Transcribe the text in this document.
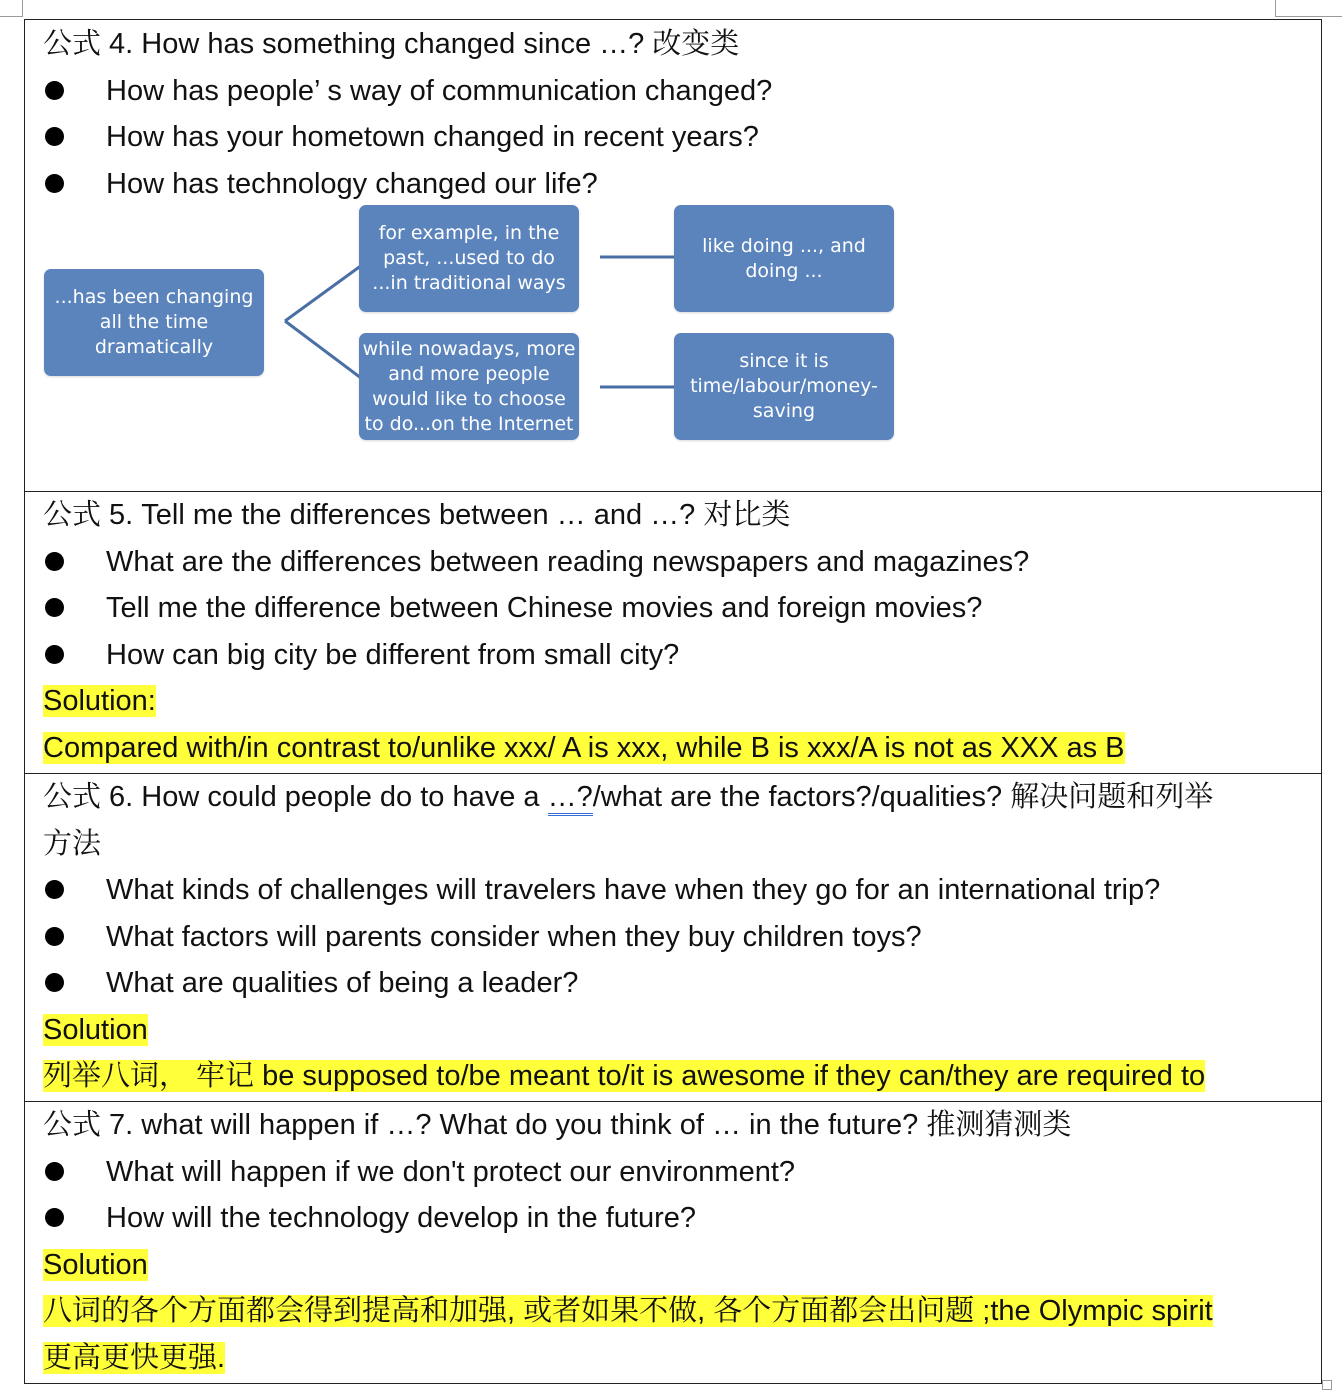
公式 4. How has something changed since …? 改变类
How has people’ s way of communication changed?
How has your hometown changed in recent years?
How has technology changed our life?
...has been changing all the time dramatically
for example, in the past, ...used to do ...in traditional ways
like doing ..., and doing ...
while nowadays, more and more people would like to choose to do...on the Internet
since it is time/labour/money-saving
公式 5. Tell me the differences between … and …? 对比类
What are the differences between reading newspapers and magazines?
Tell me the difference between Chinese movies and foreign movies?
How can big city be different from small city?
Solution:
Compared with/in contrast to/unlike xxx/ A is xxx, while B is xxx/A is not as XXX as B
公式 6. How could people do to have a …?/what are the factors?/qualities? 解决问题和列举
方法
What kinds of challenges will travelers have when they go for an international trip?
What factors will parents consider when they buy children toys?
What are qualities of being a leader?
Solution
列举八词， 牢记 be supposed to/be meant to/it is awesome if they can/they are required to
公式 7. what will happen if …? What do you think of … in the future? 推测猜测类
What will happen if we don't protect our environment?
How will the technology develop in the future?
Solution
八词的各个方面都会得到提高和加强, 或者如果不做, 各个方面都会出问题 ;the Olympic spirit
更高更快更强.
